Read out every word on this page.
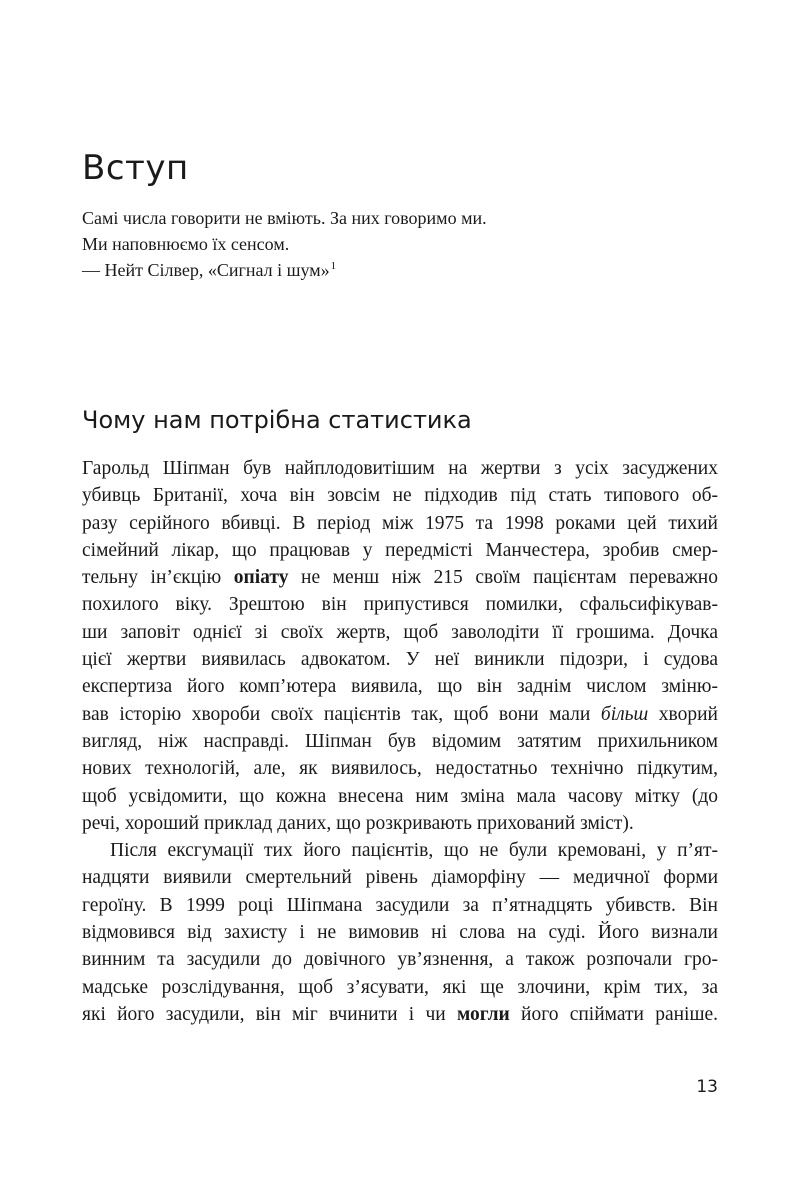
Вступ

Самі числа говорити не вміють. За них говоримо ми.

Ми наповнюємо їх сенсом.

— Нейт Сілвер, «Сигнал і шум»$^1$

Чому нам потрібна статистика
Гарольд Шіпман був найплодовитішим на жертви з усіх засуджених
убивць Британії, хоча він зовсім не підходив під стать типового об-
разу серійного вбивці. В період між 1975 та 1998 роками цей тихий
сімейний лікар, що працював у передмісті Манчестера, зробив смер-
тельну ін’єкцію опіату не менш ніж 215 своїм пацієнтам переважно
похилого віку. Зрештою він припустився помилки, сфальсифікував-
ши заповіт однієї зі своїх жертв, щоб заволодіти її грошима. Дочка
цієї жертви виявилась адвокатом. У неї виникли підозри, і судова
експертиза його комп’ютера виявила, що він заднім числом зміню-
вав історію хвороби своїх пацієнтів так, щоб вони мали більш хворий
вигляд, ніж насправді. Шіпман був відомим затятим прихильником
нових технологій, але, як виявилось, недостатньо технічно підкутим,
щоб усвідомити, що кожна внесена ним зміна мала часову мітку (до
речі, хороший приклад даних, що розкривають прихований зміст).
Після ексгумації тих його пацієнтів, що не були кремовані, у п’ят-
надцяти виявили смертельний рівень діаморфіну — медичної форми
героїну. В 1999 році Шіпмана засудили за п’ятнадцять убивств. Він
відмовився від захисту і не вимовив ні слова на суді. Його визнали
винним та засудили до довічного ув’язнення, а також розпочали гро-
мадське розслідування, щоб з’ясувати, які ще злочини, крім тих, за
які його засудили, він міг вчинити і чи могли його спіймати раніше.
13
